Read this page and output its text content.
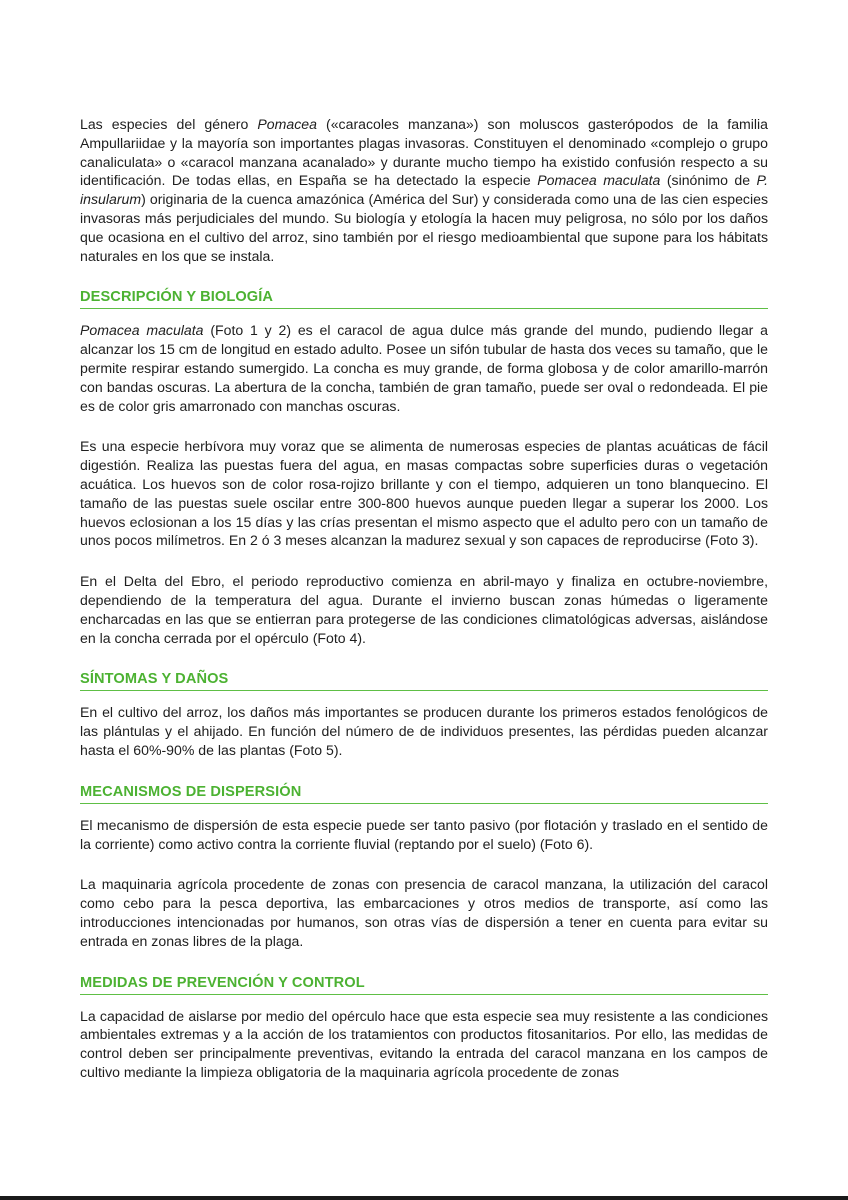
Las especies del género Pomacea («caracoles manzana») son moluscos gasterópodos de la familia Ampullariidae y la mayoría son importantes plagas invasoras. Constituyen el denominado «complejo o grupo canaliculata» o «caracol manzana acanalado» y durante mucho tiempo ha existido confusión respecto a su identificación. De todas ellas, en España se ha detectado la especie Pomacea maculata (sinónimo de P. insularum) originaria de la cuenca amazónica (América del Sur) y considerada como una de las cien especies invasoras más perjudiciales del mundo. Su biología y etología la hacen muy peligrosa, no sólo por los daños que ocasiona en el cultivo del arroz, sino también por el riesgo medioambiental que supone para los hábitats naturales en los que se instala.

DESCRIPCIÓN Y BIOLOGÍA

Pomacea maculata (Foto 1 y 2) es el caracol de agua dulce más grande del mundo, pudiendo llegar a alcanzar los 15 cm de longitud en estado adulto. Posee un sifón tubular de hasta dos veces su tamaño, que le permite respirar estando sumergido. La concha es muy grande, de forma globosa y de color amarillo-marrón con bandas oscuras. La abertura de la concha, también de gran tamaño, puede ser oval o redondeada. El pie es de color gris amarronado con manchas oscuras.

Es una especie herbívora muy voraz que se alimenta de numerosas especies de plantas acuáticas de fácil digestión. Realiza las puestas fuera del agua, en masas compactas sobre superficies duras o vegetación acuática. Los huevos son de color rosa-rojizo brillante y con el tiempo, adquieren un tono blanquecino. El tamaño de las puestas suele oscilar entre 300-800 huevos aunque pueden llegar a superar los 2000. Los huevos eclosionan a los 15 días y las crías presentan el mismo aspecto que el adulto pero con un tamaño de unos pocos milímetros. En 2 ó 3 meses alcanzan la madurez sexual y son capaces de reproducirse (Foto 3).

En el Delta del Ebro, el periodo reproductivo comienza en abril-mayo y finaliza en octubre-noviembre, dependiendo de la temperatura del agua. Durante el invierno buscan zonas húmedas o ligeramente encharcadas en las que se entierran para protegerse de las condiciones climatológicas adversas, aislándose en la concha cerrada por el opérculo (Foto 4).

SÍNTOMAS Y DAÑOS

En el cultivo del arroz, los daños más importantes se producen durante los primeros estados fenológicos de las plántulas y el ahijado. En función del número de de individuos presentes, las pérdidas pueden alcanzar hasta el 60%-90% de las plantas (Foto 5).

MECANISMOS DE DISPERSIÓN

El mecanismo de dispersión de esta especie puede ser tanto pasivo (por flotación y traslado en el sentido de la corriente) como activo contra la corriente fluvial (reptando por el suelo) (Foto 6).

La maquinaria agrícola procedente de zonas con presencia de caracol manzana, la utilización del caracol como cebo para la pesca deportiva, las embarcaciones y otros medios de transporte, así como las introducciones intencionadas por humanos, son otras vías de dispersión a tener en cuenta para evitar su entrada en zonas libres de la plaga.

MEDIDAS DE PREVENCIÓN Y CONTROL

La capacidad de aislarse por medio del opérculo hace que esta especie sea muy resistente a las condiciones ambientales extremas y a la acción de los tratamientos con productos fitosanitarios. Por ello, las medidas de control deben ser principalmente preventivas, evitando la entrada del caracol manzana en los campos de cultivo mediante la limpieza obligatoria de la maquinaria agrícola procedente de zonas
